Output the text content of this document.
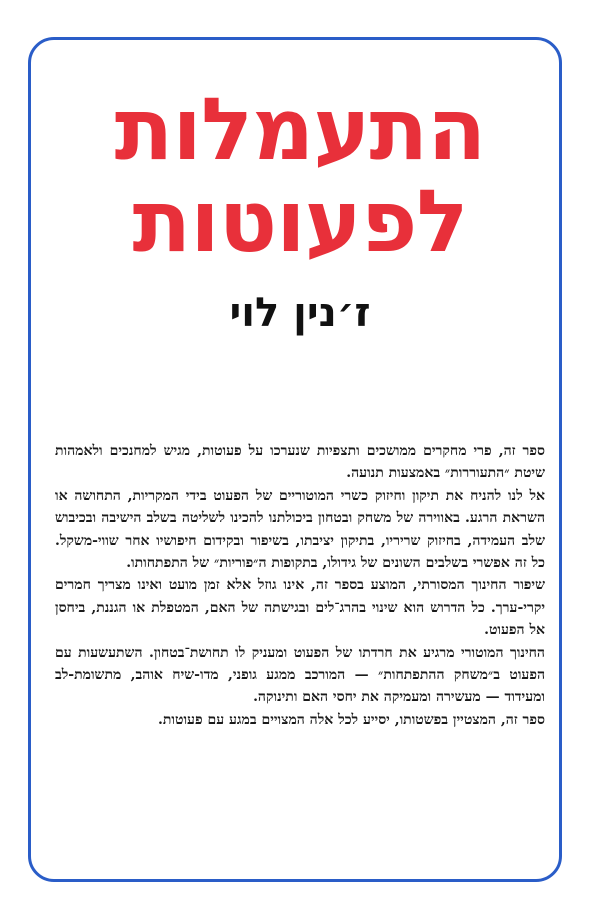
התעמלות
לפעוטות
ז׳נין לוי

ספר זה, פרי מחקרים ממושכים ותצפיות שנערכו על פעוטות, מגיש למחנכים ולאמהות שיטת ״התעוררות״ באמצעות תנועה.

אל לנו להניח את תיקון וחיזוק כשרי המוטוריים של הפעוט בידי המקריות, התחושה או השראת הרגע. באווירה של משחק ובטחון ביכולתנו להכינו לשליטה בשלב הישיבה ובכיבוש שלב העמידה, בחיזוק שריריו, בתיקון יציבתו, בשיפור ובקידום חיפושיו אחר שווי-משקל. כל זה אפשרי בשלבים השונים של גידולו, בתקופות ה״פוריות״ של התפתחותו.

שיפור החינוך המסורתי, המוצע בספר זה, אינו גוזל אלא זמן מועט ואינו מצריך חמרים יקרי-ערך. כל הדרוש הוא שינוי בהרג־לים ובגישתה של האם, המטפלת או הגננת, ביחסן אל הפעוט.

החינוך המוטורי מרגיע את חרדתו של הפעוט ומעניק לו תחושת־בטחון. השתעשעות עם הפעוט ב״משחק ההתפתחות״ — המורכב ממגע גופני, מדו-שיח אוהב, מתשומת-לב ומעידוד — מעשירה ומעמיקה את יחסי האם ותינוקה.

ספר זה, המצטיין בפשטותו, יסייע לכל אלה המצויים במגע עם פעוטות.
